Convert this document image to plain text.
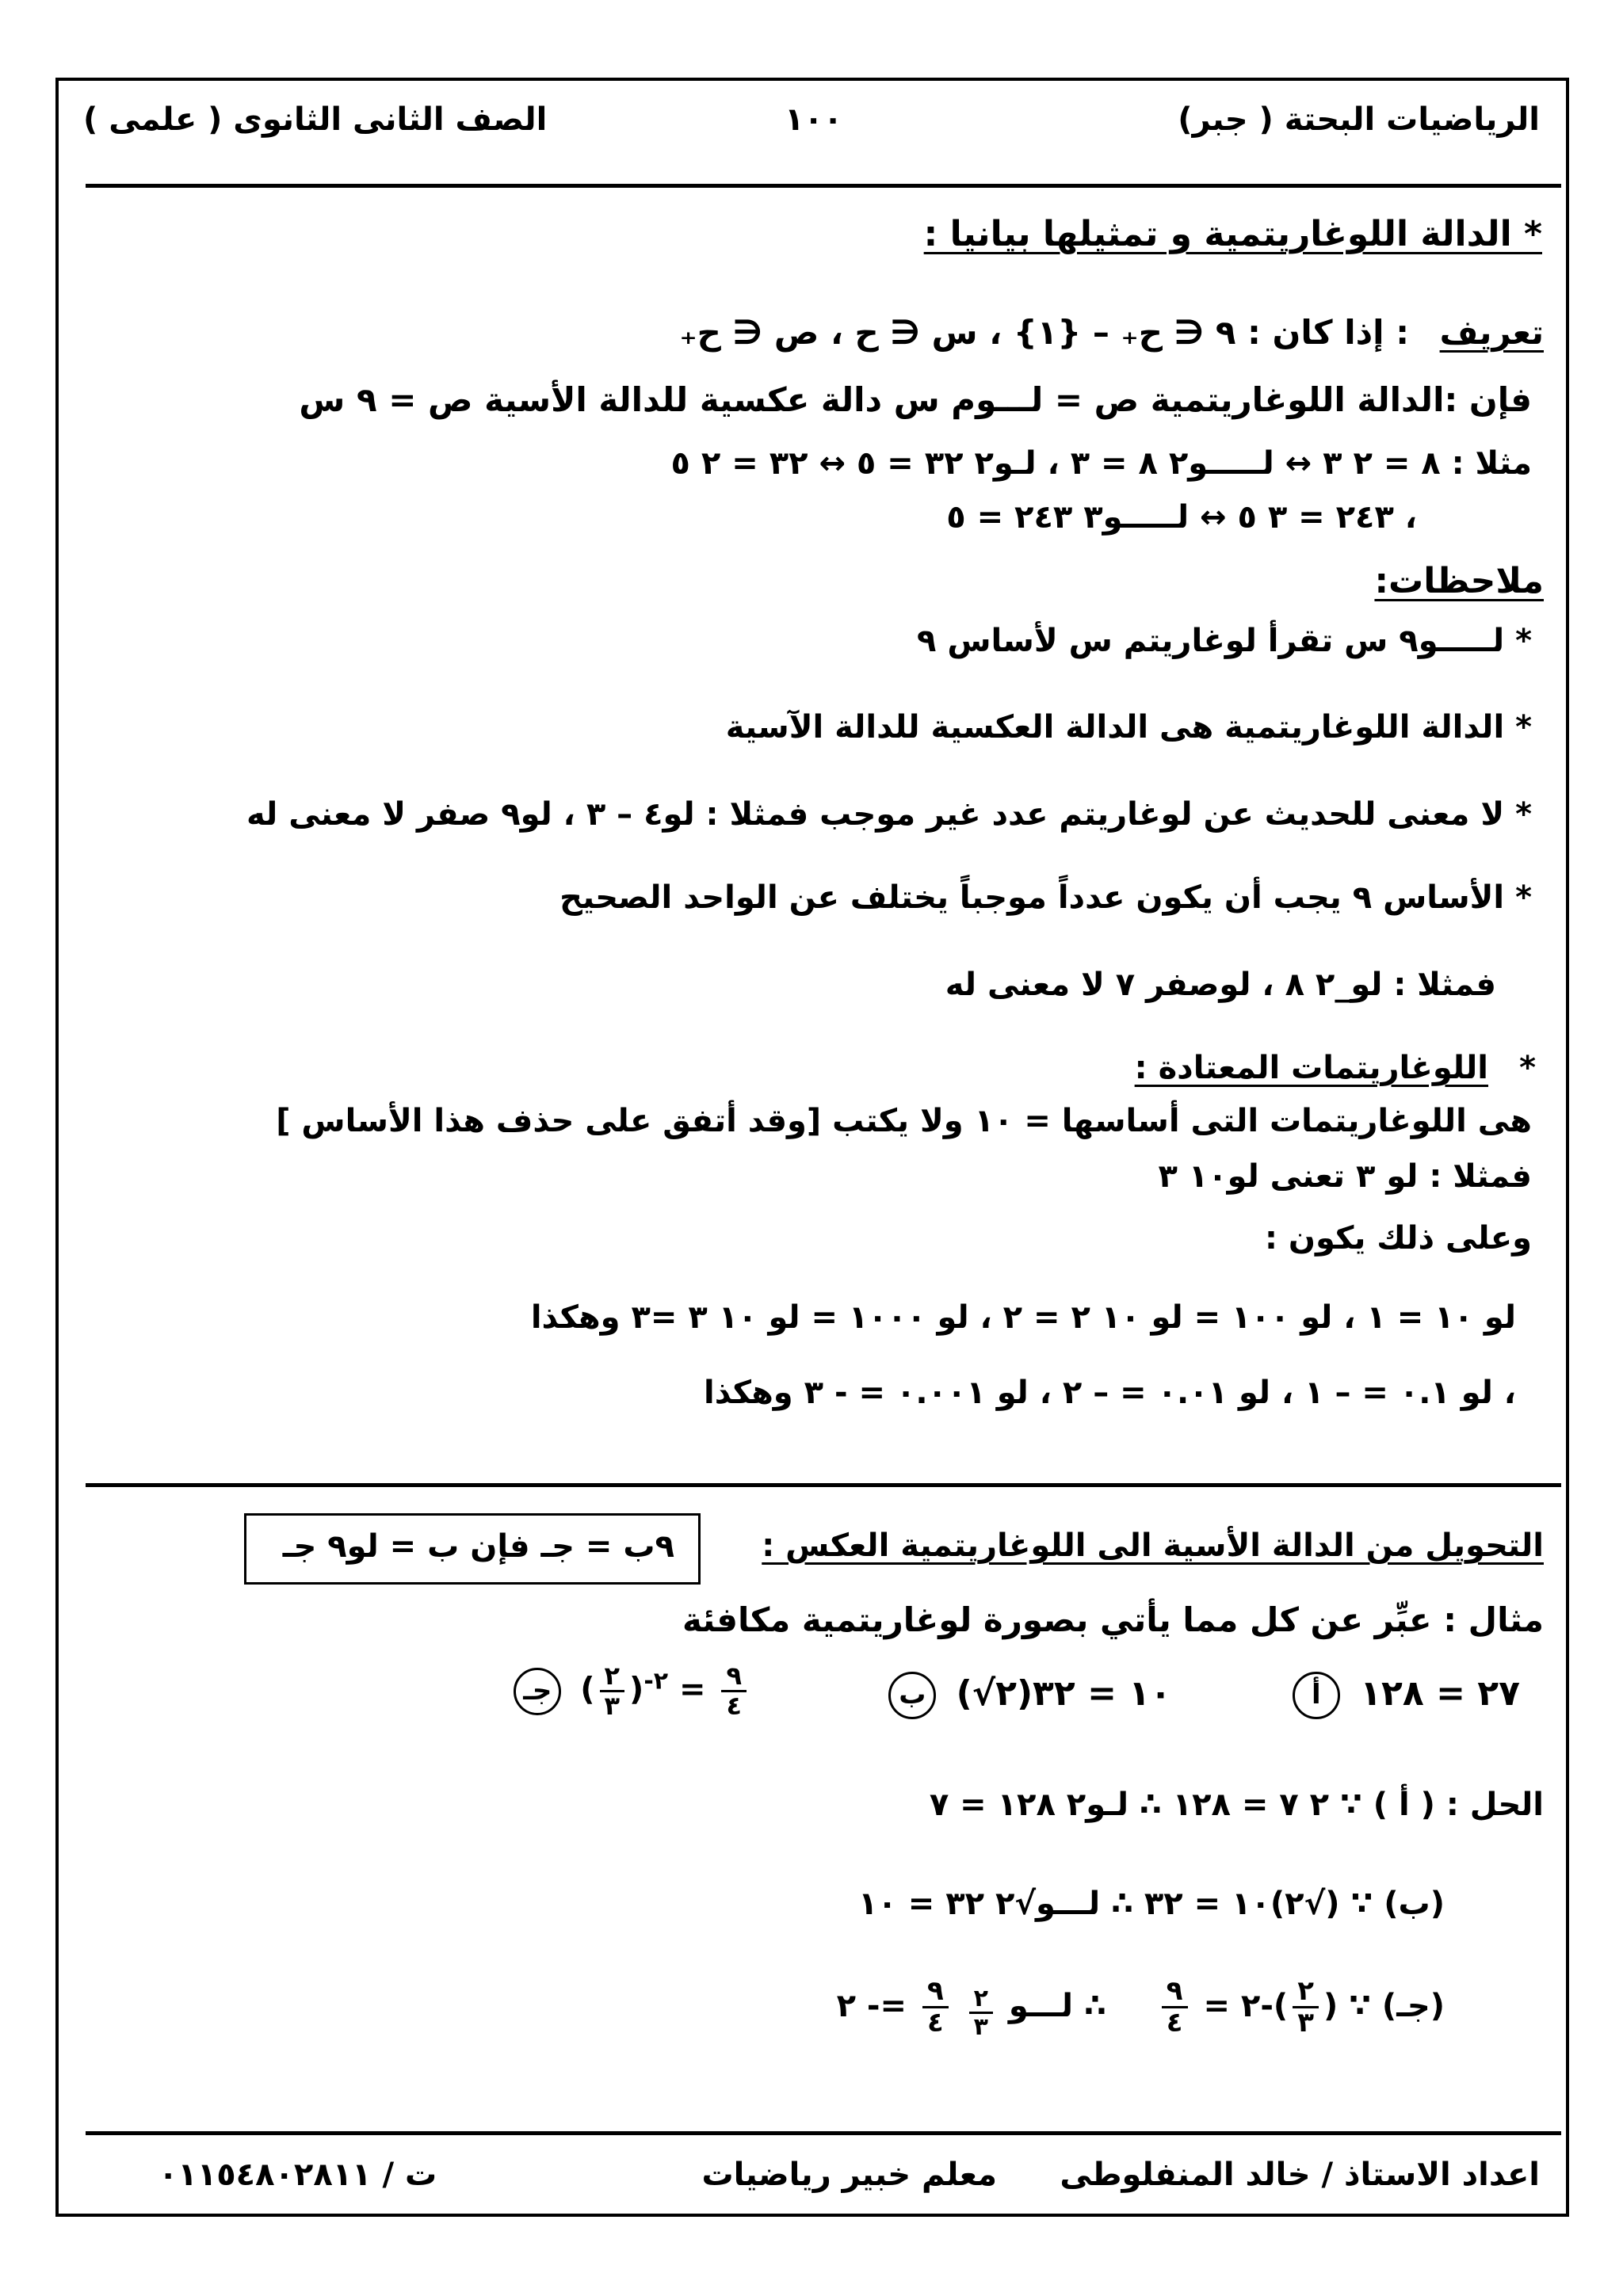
الرياضيات البحتة ( جبر)
١٠٠
الصف الثانى الثانوى ( علمى )
* الدالة اللوغاريتمية و تمثيلها بيانيا :
تعريف
: إذا كان : ٩ ∈ ح₊ – {١} ، س ∈ ح ، ص ∈ ح₊
فإن :الدالة اللوغاريتمية ص = لـــوم س دالة عكسية للدالة الأسية ص = ٩ س
مثلا : ٨ = ٢ ٣ ↔ لـــــو٢ ٨ = ٣ ، لـو٢ ٣٢ = ٥ ↔ ٣٢ = ٢ ٥
، ٢٤٣ = ٣ ٥ ↔ لـــــو٣ ٢٤٣ = ٥
ملاحظات:
* لـــــو٩ س تقرأ لوغاريتم س لأساس ٩
* الدالة اللوغاريتمية هى الدالة العكسية للدالة الآسية
* لا معنى للحديث عن لوغاريتم عدد غير موجب فمثلا : لو٤ – ٣ ، لو٩ صفر لا معنى له
* الأساس ٩ يجب أن يكون عدداً موجباً يختلف عن الواحد الصحيح
فمثلا : لو_٢ ٨ ، لوصفر ٧ لا معنى له
*
اللوغاريتمات المعتادة :
هى اللوغاريتمات التى أساسها = ١٠ ولا يكتب [وقد أتفق على حذف هذا الأساس ]
فمثلا : لو ٣ تعنى لو١٠ ٣
وعلى ذلك يكون :
لو ١٠ = ١ ، لو ١٠٠ = لو ١٠ ٢ = ٢ ، لو ١٠٠٠ = لو ١٠ ٣ =٣ وهكذا
، لو ٠.١ = – ١ ، لو ٠.٠١ = – ٢ ، لو ٠.٠٠١ = - ٣ وهكذا
التحويل من الدالة الأسية الى اللوغاريتمية العكس :
٩ب = جـ فإن ب = لو٩ جـ
مثال : عبِّر عن كل مما يأتي بصورة لوغاريتمية مكافئة
أ ٢٧ = ١٢٨
ب (√٢)١٠ = ٣٢
جـ ( $\frac{٢}{٣} )^{-٢} = \frac{٩}{٤}$
الحل : ( أ ) ∵ ٢ ٧ = ١٢٨ ∴ لـو٢ ١٢٨ = ٧
(ب) ∵ (√٢)١٠ = ٣٢ ∴ لـــو√٢ ٣٢ = ١٠
(جـ) ∵ (
$\frac{٢}{٣}$
)-٢ =
$\frac{٩}{٤}$
∴ لـــو
$\frac{٢}{٣}$

$\frac{٩}{٤}$
=- ٢
اعداد الاستاذ / خالد المنفلوطى
معلم خبير رياضيات
ت / ٠١١٥٤٨٠٢٨١١
